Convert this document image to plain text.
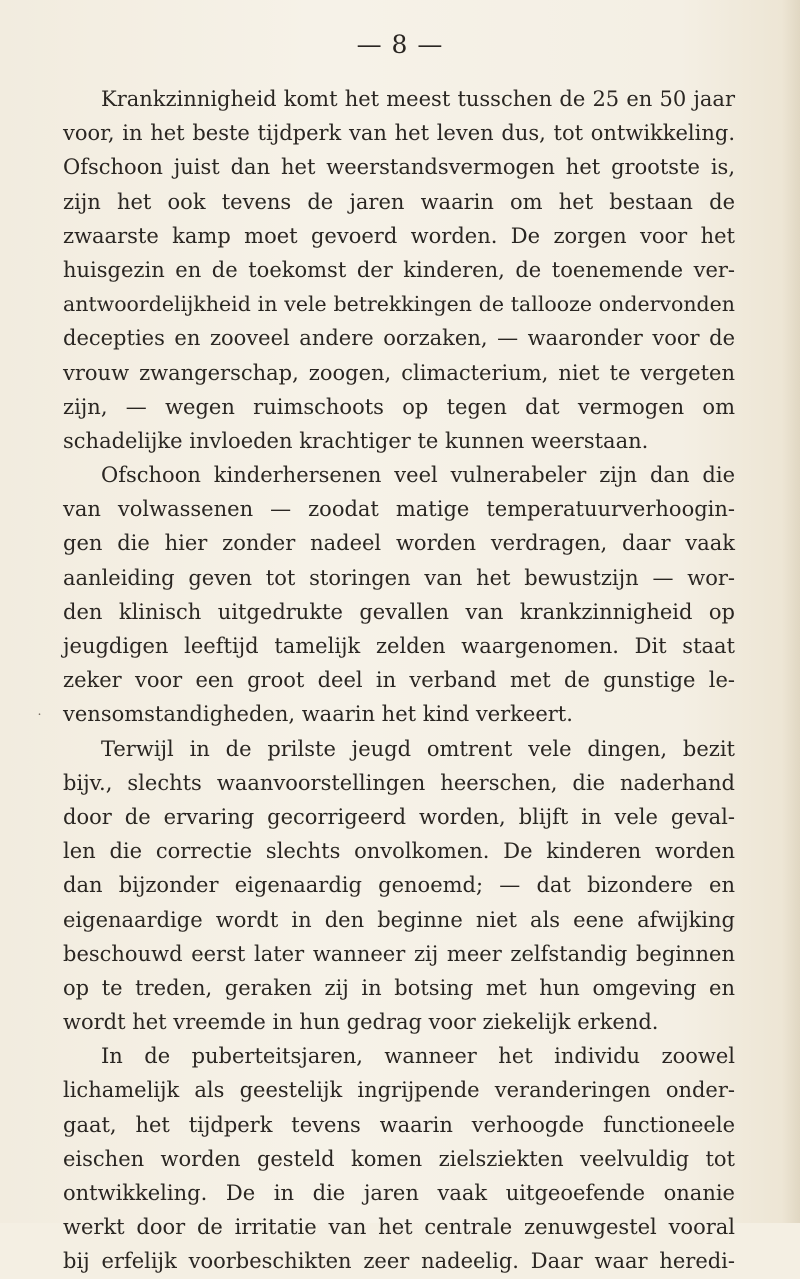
— 8 —
˙
Krankzinnigheid komt het meest tusschen de 25 en 50 jaar
voor, in het beste tijdperk van het leven dus, tot ontwikkeling.
Ofschoon juist dan het weerstandsvermogen het grootste is,
zijn het ook tevens de jaren waarin om het bestaan de
zwaarste kamp moet gevoerd worden. De zorgen voor het
huisgezin en de toekomst der kinderen, de toenemende ver-
antwoordelijkheid in vele betrekkingen de tallooze ondervonden
decepties en zooveel andere oorzaken, — waaronder voor de
vrouw zwangerschap, zoogen, climacterium, niet te vergeten
zijn, — wegen ruimschoots op tegen dat vermogen om
schadelijke invloeden krachtiger te kunnen weerstaan.
Ofschoon kinderhersenen veel vulnerabeler zijn dan die
van volwassenen — zoodat matige temperatuurverhoogin-
gen die hier zonder nadeel worden verdragen, daar vaak
aanleiding geven tot storingen van het bewustzijn — wor-
den klinisch uitgedrukte gevallen van krankzinnigheid op
jeugdigen leeftijd tamelijk zelden waargenomen. Dit staat
zeker voor een groot deel in verband met de gunstige le-
vensomstandigheden, waarin het kind verkeert.
Terwijl in de prilste jeugd omtrent vele dingen, bezit
bijv., slechts waanvoorstellingen heerschen, die naderhand
door de ervaring gecorrigeerd worden, blijft in vele geval-
len die correctie slechts onvolkomen. De kinderen worden
dan bijzonder eigenaardig genoemd; — dat bizondere en
eigenaardige wordt in den beginne niet als eene afwijking
beschouwd eerst later wanneer zij meer zelfstandig beginnen
op te treden, geraken zij in botsing met hun omgeving en
wordt het vreemde in hun gedrag voor ziekelijk erkend.
In de puberteitsjaren, wanneer het individu zoowel
lichamelijk als geestelijk ingrijpende veranderingen onder-
gaat, het tijdperk tevens waarin verhoogde functioneele
eischen worden gesteld komen zielsziekten veelvuldig tot
ontwikkeling. De in die jaren vaak uitgeoefende onanie
werkt door de irritatie van het centrale zenuwgestel vooral
bij erfelijk voorbeschikten zeer nadeelig. Daar waar heredi-
